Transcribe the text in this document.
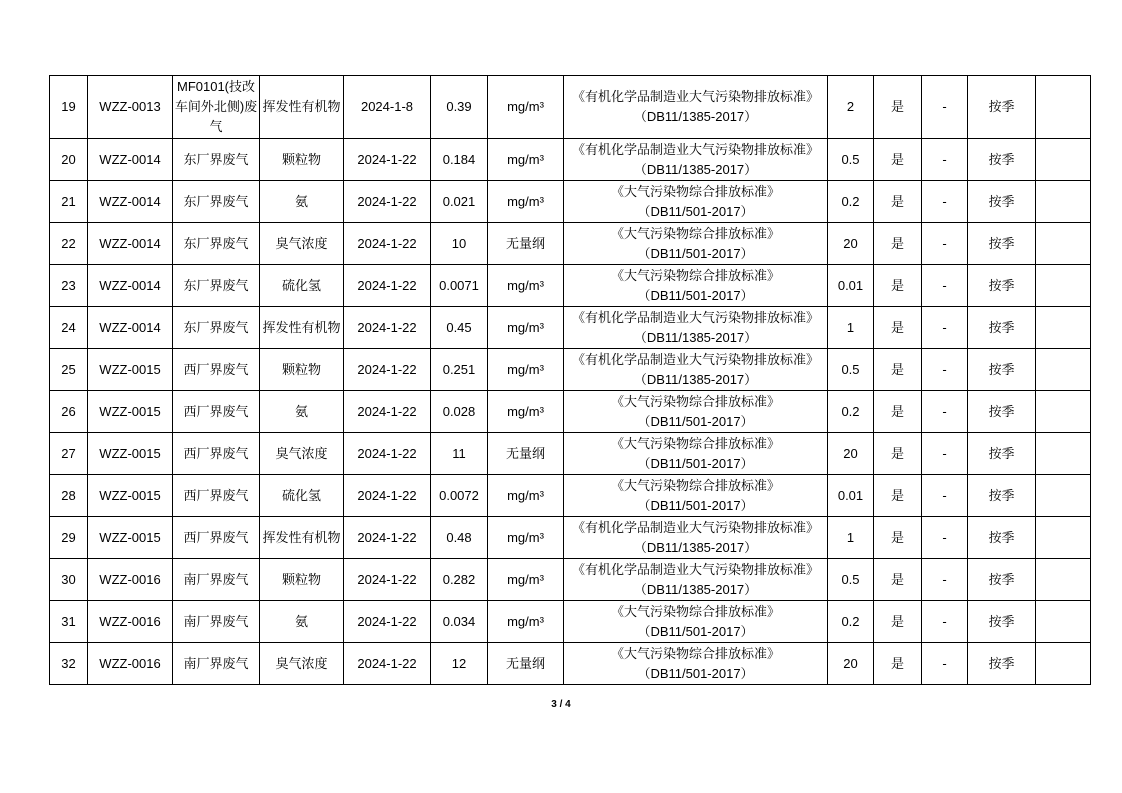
19	WZZ-0013	MF0101(技改车间外北侧)废气	挥发性有机物	2024-1-8	0.39	mg/m³	《有机化学品制造业大气污染物排放标准》
（DB11/1385-2017）	2	是	-	按季	
20	WZZ-0014	东厂界废气	颗粒物	2024-1-22	0.184	mg/m³	《有机化学品制造业大气污染物排放标准》
（DB11/1385-2017）	0.5	是	-	按季	
21	WZZ-0014	东厂界废气	氨	2024-1-22	0.021	mg/m³	《大气污染物综合排放标准》
（DB11/501-2017）	0.2	是	-	按季	
22	WZZ-0014	东厂界废气	臭气浓度	2024-1-22	10	无量纲	《大气污染物综合排放标准》
（DB11/501-2017）	20	是	-	按季	
23	WZZ-0014	东厂界废气	硫化氢	2024-1-22	0.0071	mg/m³	《大气污染物综合排放标准》
（DB11/501-2017）	0.01	是	-	按季	
24	WZZ-0014	东厂界废气	挥发性有机物	2024-1-22	0.45	mg/m³	《有机化学品制造业大气污染物排放标准》
（DB11/1385-2017）	1	是	-	按季	
25	WZZ-0015	西厂界废气	颗粒物	2024-1-22	0.251	mg/m³	《有机化学品制造业大气污染物排放标准》
（DB11/1385-2017）	0.5	是	-	按季	
26	WZZ-0015	西厂界废气	氨	2024-1-22	0.028	mg/m³	《大气污染物综合排放标准》
（DB11/501-2017）	0.2	是	-	按季	
27	WZZ-0015	西厂界废气	臭气浓度	2024-1-22	11	无量纲	《大气污染物综合排放标准》
（DB11/501-2017）	20	是	-	按季	
28	WZZ-0015	西厂界废气	硫化氢	2024-1-22	0.0072	mg/m³	《大气污染物综合排放标准》
（DB11/501-2017）	0.01	是	-	按季	
29	WZZ-0015	西厂界废气	挥发性有机物	2024-1-22	0.48	mg/m³	《有机化学品制造业大气污染物排放标准》
（DB11/1385-2017）	1	是	-	按季	
30	WZZ-0016	南厂界废气	颗粒物	2024-1-22	0.282	mg/m³	《有机化学品制造业大气污染物排放标准》
（DB11/1385-2017）	0.5	是	-	按季	
31	WZZ-0016	南厂界废气	氨	2024-1-22	0.034	mg/m³	《大气污染物综合排放标准》
（DB11/501-2017）	0.2	是	-	按季	
32	WZZ-0016	南厂界废气	臭气浓度	2024-1-22	12	无量纲	《大气污染物综合排放标准》
（DB11/501-2017）	20	是	-	按季	
3 / 4
